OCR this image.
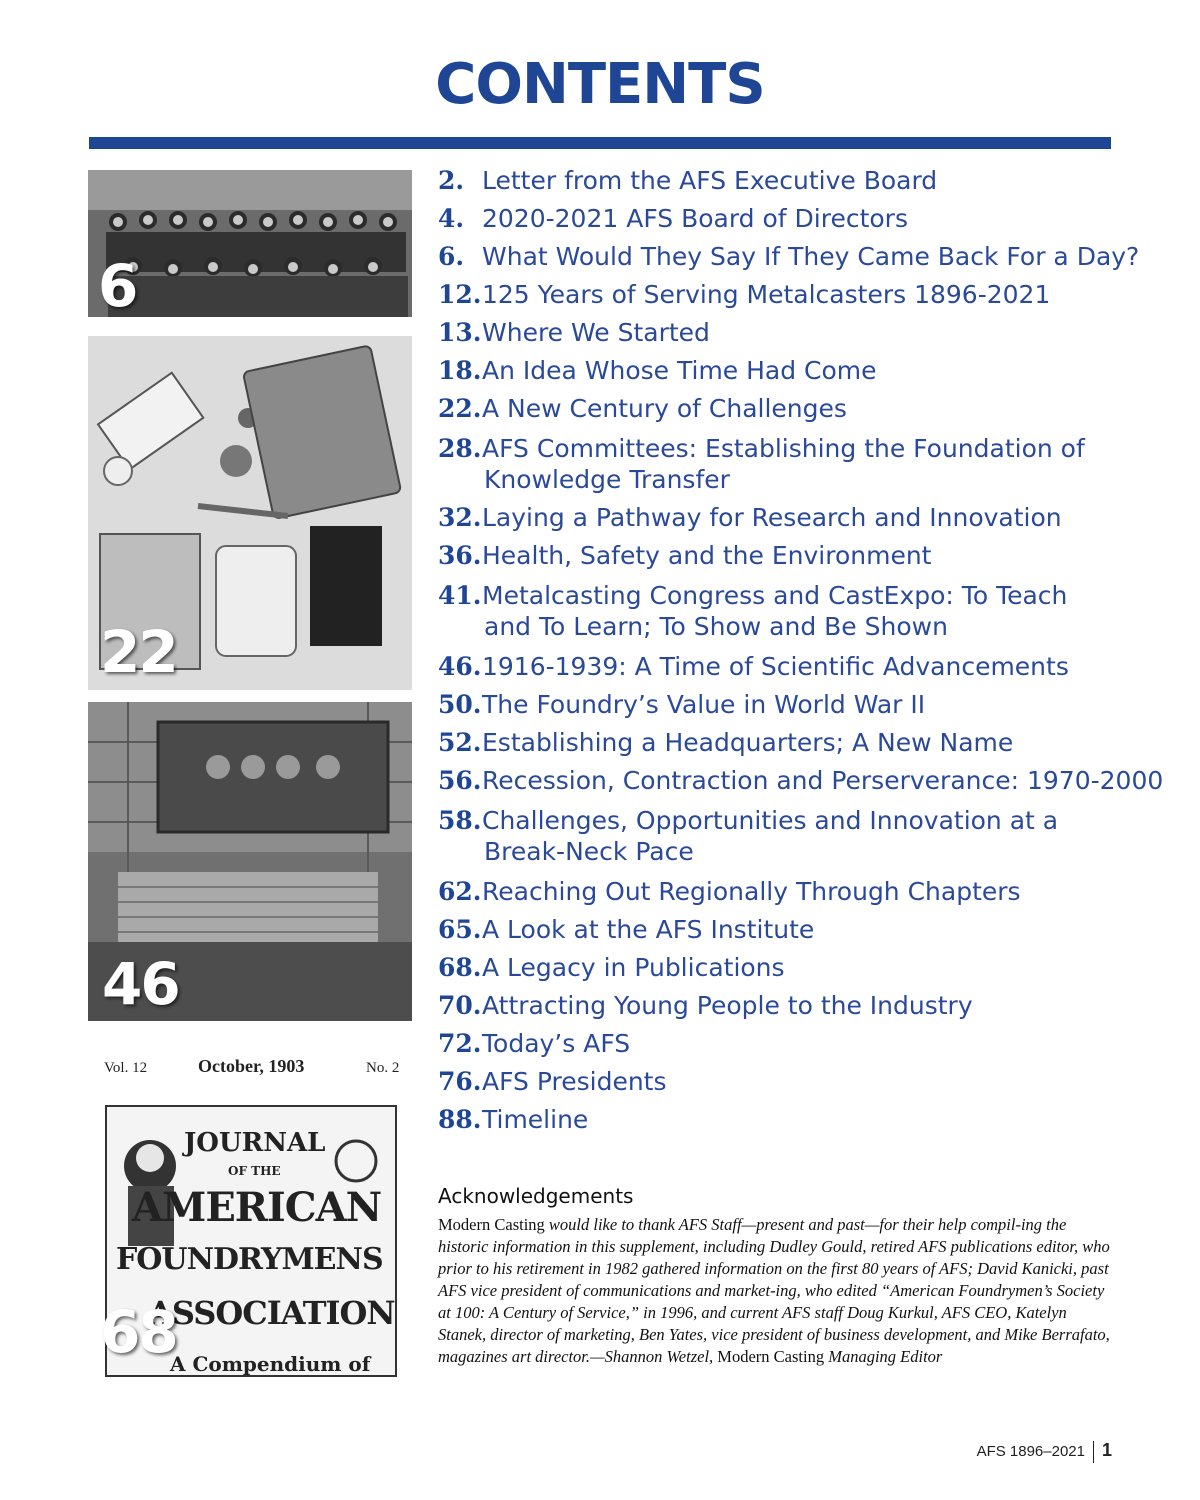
CONTENTS
6
22
46
Vol. 12	October, 1903	No. 2
JOURNAL
OF THE
AMERICAN
FOUNDRYMENS
ASSOCIATION
A Compendium of
68
2. Letter from the AFS Executive Board
4. 2020-2021 AFS Board of Directors
6. What Would They Say If They Came Back For a Day?
12.125 Years of Serving Metalcasters 1896-2021
13.Where We Started
18.An Idea Whose Time Had Come
22.A New Century of Challenges
28.AFS Committees: Establishing the Foundation of
Knowledge Transfer
32.Laying a Pathway for Research and Innovation
36.Health, Safety and the Environment
41.Metalcasting Congress and CastExpo: To Teach
and To Learn; To Show and Be Shown
46.1916-1939: A Time of Scientific Advancements
50.The Foundry’s Value in World War II
52.Establishing a Headquarters; A New Name
56.Recession, Contraction and Perserverance: 1970-2000
58.Challenges, Opportunities and Innovation at a
Break-Neck Pace
62.Reaching Out Regionally Through Chapters
65.A Look at the AFS Institute
68.A Legacy in Publications
70.Attracting Young People to the Industry
72.Today’s AFS
76.AFS Presidents
88.Timeline
Acknowledgements
Modern Casting would like to thank AFS Staff—present and past—for their help compil-ing the historic information in this supplement, including Dudley Gould, retired AFS publications editor, who prior to his retirement in 1982 gathered information on the first 80 years of AFS; David Kanicki, past AFS vice president of communications and market-ing, who edited “American Foundrymen’s Society at 100: A Century of Service,” in 1996, and current AFS staff Doug Kurkul, AFS CEO, Katelyn Stanek, director of marketing, Ben Yates, vice president of business development, and Mike Berrafato, magazines art director.—Shannon Wetzel, Modern Casting Managing Editor
AFS 1896–2021 1
